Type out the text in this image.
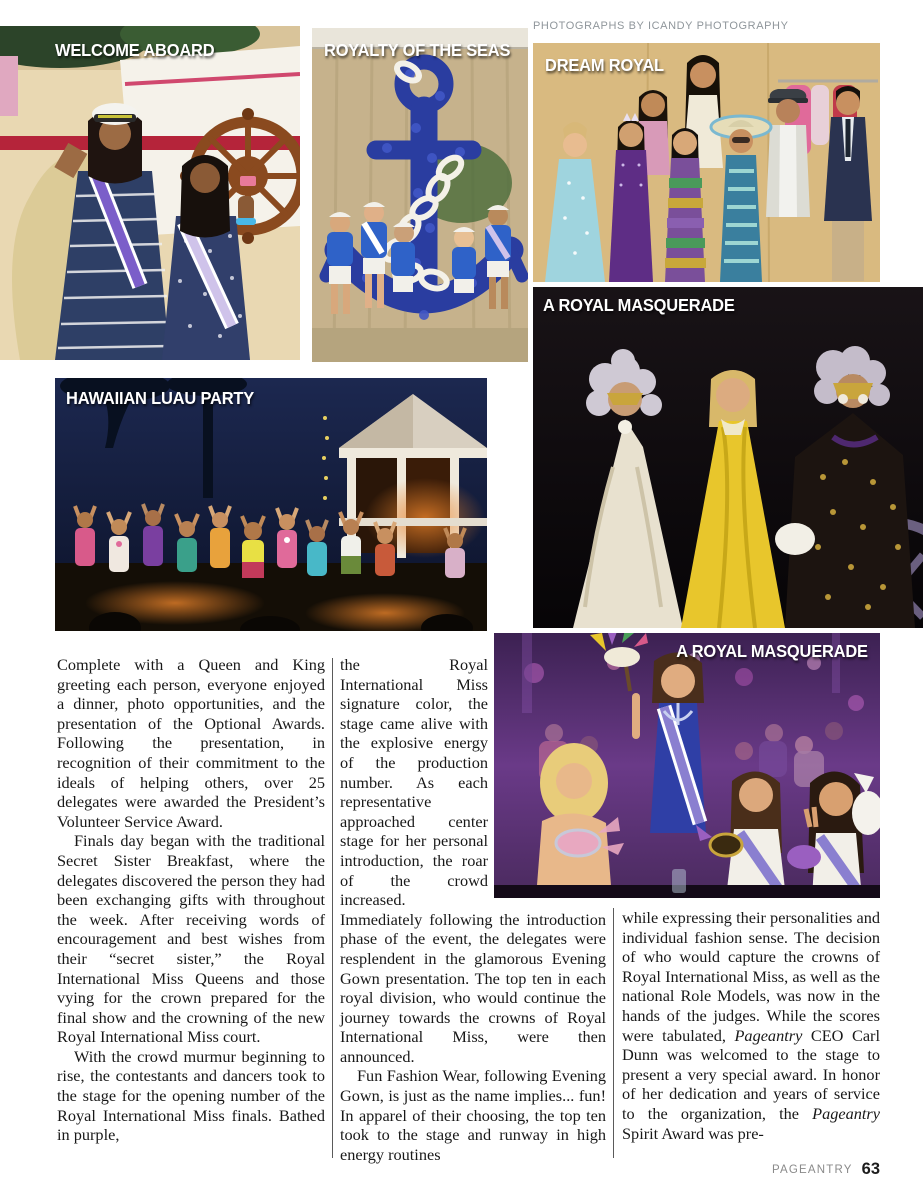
PHOTOGRAPHS BY ICANDY PHOTOGRAPHY
WELCOME ABOARD	ROYALTY OF THE SEAS
DREAM ROYAL
A ROYAL MASQUERADE
HAWAIIAN LUAU PARTY
A ROYAL MASQUERADE

Complete with a Queen and King greeting each person, everyone enjoyed a dinner, photo opportunities, and the presentation of the Optional Awards. Following the presentation, in recognition of their commitment to the ideals of helping others, over 25 delegates were awarded the President’s Volunteer Service Award.

Finals day began with the traditional Secret Sister Breakfast, where the delegates discovered the person they had been exchanging gifts with throughout the week. After receiving words of encouragement and best wishes from their “secret sister,” the Royal International Miss Queens and those vying for the crown prepared for the final show and the crowning of the new Royal International Miss court.

With the crowd murmur beginning to rise, the contestants and dancers took to the stage for the opening number of the Royal International Miss finals. Bathed in purple,

the Royal International Miss signature color, the stage came alive with the explosive energy of the production number. As each representative approached center stage for her personal introduction, the roar of the crowd increased. Immediately following the introduction phase of the event, the delegates were resplendent in the glamorous Evening Gown presentation. The top ten in each royal division, who would continue the journey towards the crowns of Royal International Miss, were then announced.

Fun Fashion Wear, following Evening Gown, is just as the name implies... fun! In apparel of their choosing, the top ten took to the stage and runway in high energy routines

while expressing their personalities and individual fashion sense. The decision of who would capture the crowns of Royal International Miss, as well as the national Role Models, was now in the hands of the judges. While the scores were tabulated, Pageantry CEO Carl Dunn was welcomed to the stage to present a very special award. In honor of her dedication and years of service to the organization, the Pageantry Spirit Award was pre-

PAGEANTRY 63
